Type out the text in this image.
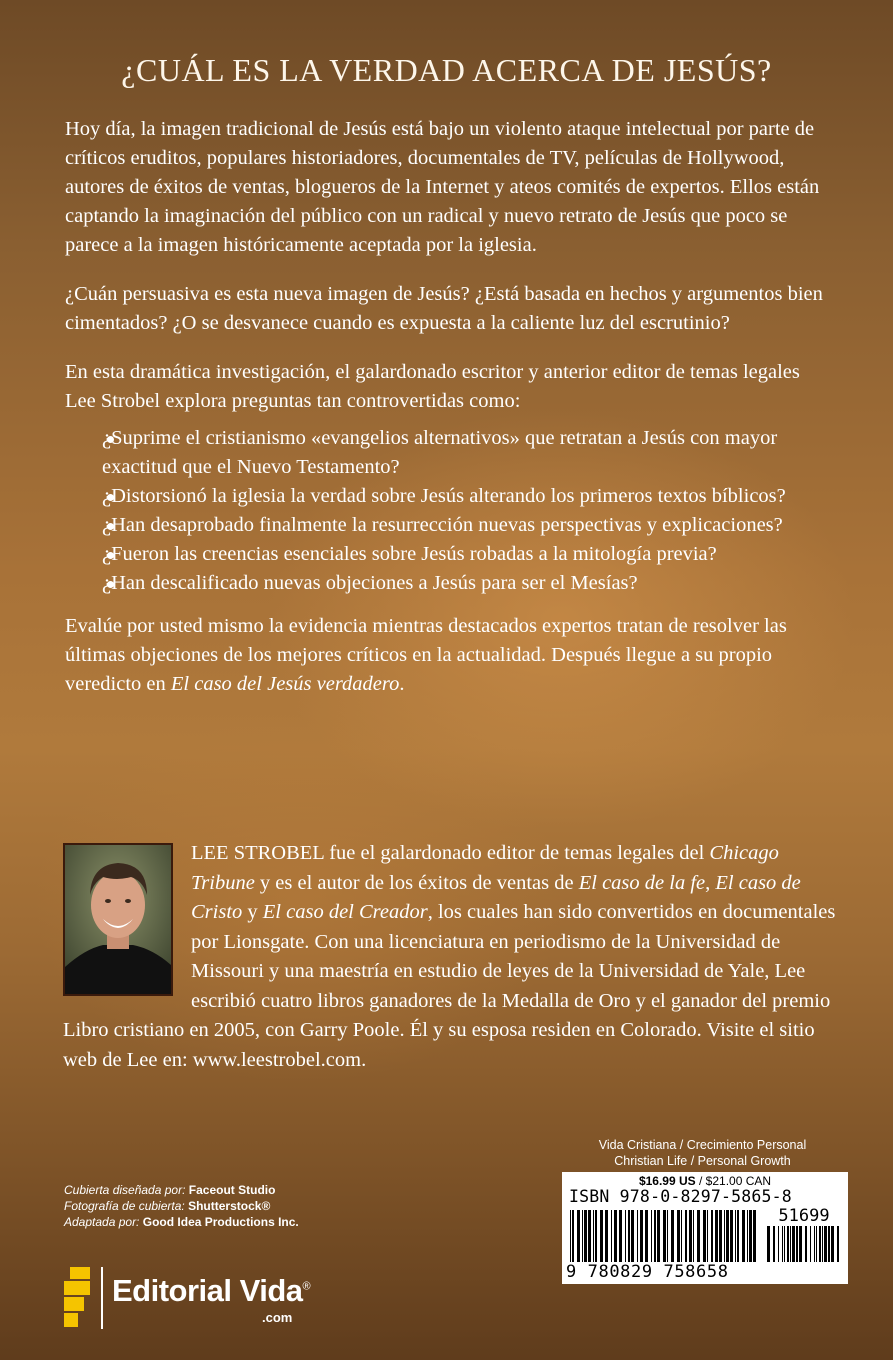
¿CUÁL ES LA VERDAD ACERCA DE JESÚS?

Hoy día, la imagen tradicional de Jesús está bajo un violento ataque intelectual por parte de críticos eruditos, populares historiadores, documentales de TV, películas de Hollywood, autores de éxitos de ventas, blogueros de la Internet y ateos comités de expertos. Ellos están captando la imaginación del público con un radical y nuevo retrato de Jesús que poco se parece a la imagen históricamente aceptada por la iglesia.

¿Cuán persuasiva es esta nueva imagen de Jesús? ¿Está basada en hechos y argumentos bien cimentados? ¿O se desvanece cuando es expuesta a la caliente luz del escrutinio?

En esta dramática investigación, el galardonado escritor y anterior editor de temas legales Lee Strobel explora preguntas tan controvertidas como:

¿Suprime el cristianismo «evangelios alternativos» que retratan a Jesús con mayor exactitud que el Nuevo Testamento?
¿Distorsionó la iglesia la verdad sobre Jesús alterando los primeros textos bíblicos?
¿Han desaprobado finalmente la resurrección nuevas perspectivas y explicaciones?
¿Fueron las creencias esenciales sobre Jesús robadas a la mitología previa?
¿Han descalificado nuevas objeciones a Jesús para ser el Mesías?

Evalúe por usted mismo la evidencia mientras destacados expertos tratan de resolver las últimas objeciones de los mejores críticos en la actualidad. Después llegue a su propio veredicto en El caso del Jesús verdadero.

LEE STROBEL fue el galardonado editor de temas legales del Chicago Tribune y es el autor de los éxitos de ventas de El caso de la fe, El caso de Cristo y El caso del Creador, los cuales han sido convertidos en documentales por Lionsgate. Con una licenciatura en periodismo de la Universidad de Missouri y una maestría en estudio de leyes de la Universidad de Yale, Lee escribió cuatro libros ganadores de la Medalla de Oro y el ganador del premio Libro cristiano en 2005, con Garry Poole. Él y su esposa residen en Colorado. Visite el sitio web de Lee en: www.leestrobel.com.
Vida Cristiana / Crecimiento Personal
Christian Life / Personal Growth
Cubierta diseñada por: Faceout Studio
Fotografía de cubierta: Shutterstock®
Adaptada por: Good Idea Productions Inc.
$16.99 US / $21.00 CAN
ISBN 978-0-8297-5865-8
51699
9 780829 758658
Editorial Vida®
.com
